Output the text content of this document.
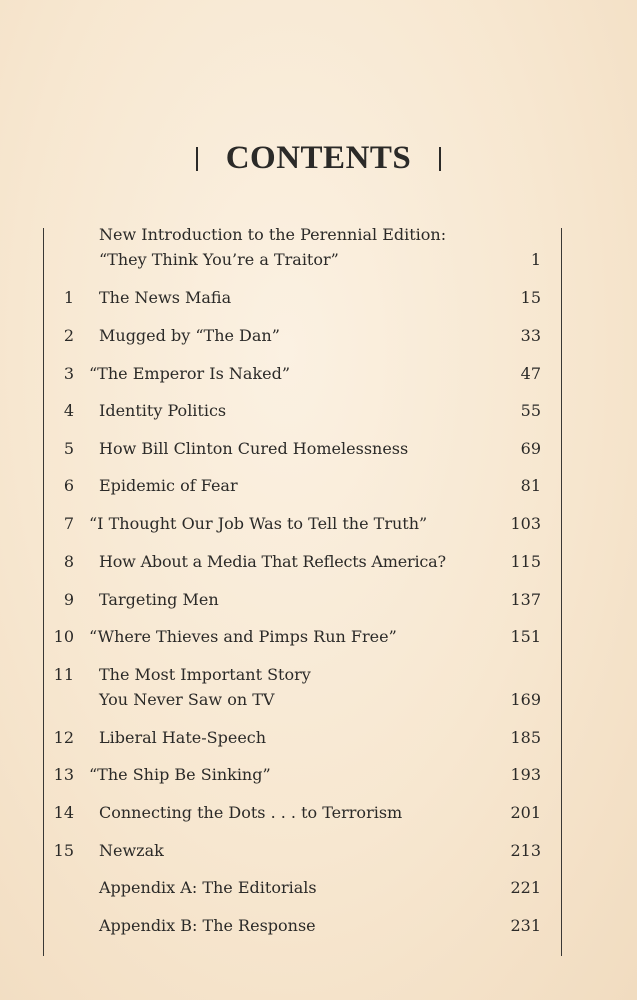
CONTENTS
New Introduction to the Perennial Edition:
“They Think You’re a Traitor”	1
1 The News Mafia	15
2 Mugged by “The Dan”	33
3 “The Emperor Is Naked”	47
4 Identity Politics	55
5 How Bill Clinton Cured Homelessness	69
6 Epidemic of Fear	81
7 “I Thought Our Job Was to Tell the Truth”	103
8 How About a Media That Reflects America?	115
9 Targeting Men	137
10 “Where Thieves and Pimps Run Free”	151
11 The Most Important Story
You Never Saw on TV	169
12 Liberal Hate-Speech	185
13 “The Ship Be Sinking”	193
14 Connecting the Dots . . . to Terrorism	201
15 Newzak	213
Appendix A: The Editorials	221
Appendix B: The Response	231
